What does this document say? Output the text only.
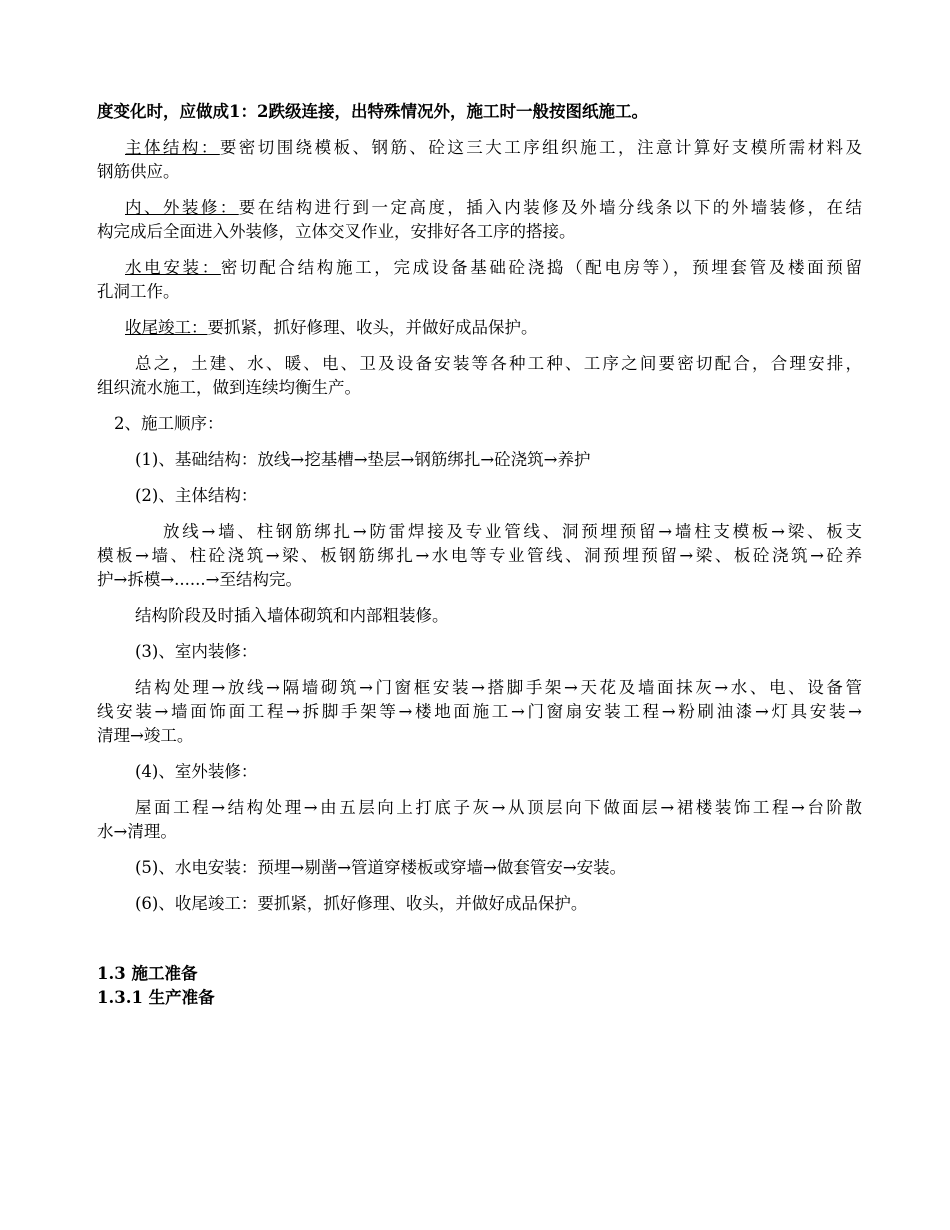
度变化时，应做成1：2跌级连接，出特殊情况外，施工时一般按图纸施工。

主体结构：要密切围绕模板、钢筋、砼这三大工序组织施工，注意计算好支模所需材料及

钢筋供应。

内、外装修：要在结构进行到一定高度，插入内装修及外墙分线条以下的外墙装修，在结

构完成后全面进入外装修，立体交叉作业，安排好各工序的搭接。

水电安装：密切配合结构施工，完成设备基础砼浇捣（配电房等），预埋套管及楼面预留

孔洞工作。

收尾竣工：要抓紧，抓好修理、收头，并做好成品保护。

总之，土建、水、暖、电、卫及设备安装等各种工种、工序之间要密切配合，合理安排，

组织流水施工，做到连续均衡生产。

2、施工顺序：

(1)、基础结构：放线→挖基槽→垫层→钢筋绑扎→砼浇筑→养护

(2)、主体结构：

放线→墙、柱钢筋绑扎→防雷焊接及专业管线、洞预埋预留→墙柱支模板→梁、板支

模板→墙、柱砼浇筑→梁、板钢筋绑扎→水电等专业管线、洞预埋预留→梁、板砼浇筑→砼养

护→拆模→......→至结构完。

结构阶段及时插入墙体砌筑和内部粗装修。

(3)、室内装修：

结构处理→放线→隔墙砌筑→门窗框安装→搭脚手架→天花及墙面抹灰→水、电、设备管

线安装→墙面饰面工程→拆脚手架等→楼地面施工→门窗扇安装工程→粉刷油漆→灯具安装→

清理→竣工。

(4)、室外装修：

屋面工程→结构处理→由五层向上打底子灰→从顶层向下做面层→裙楼装饰工程→台阶散

水→清理。

(5)、水电安装：预埋→剔凿→管道穿楼板或穿墙→做套管安→安装。

(6)、收尾竣工：要抓紧，抓好修理、收头，并做好成品保护。

1.3 施工准备

1.3.1 生产准备
